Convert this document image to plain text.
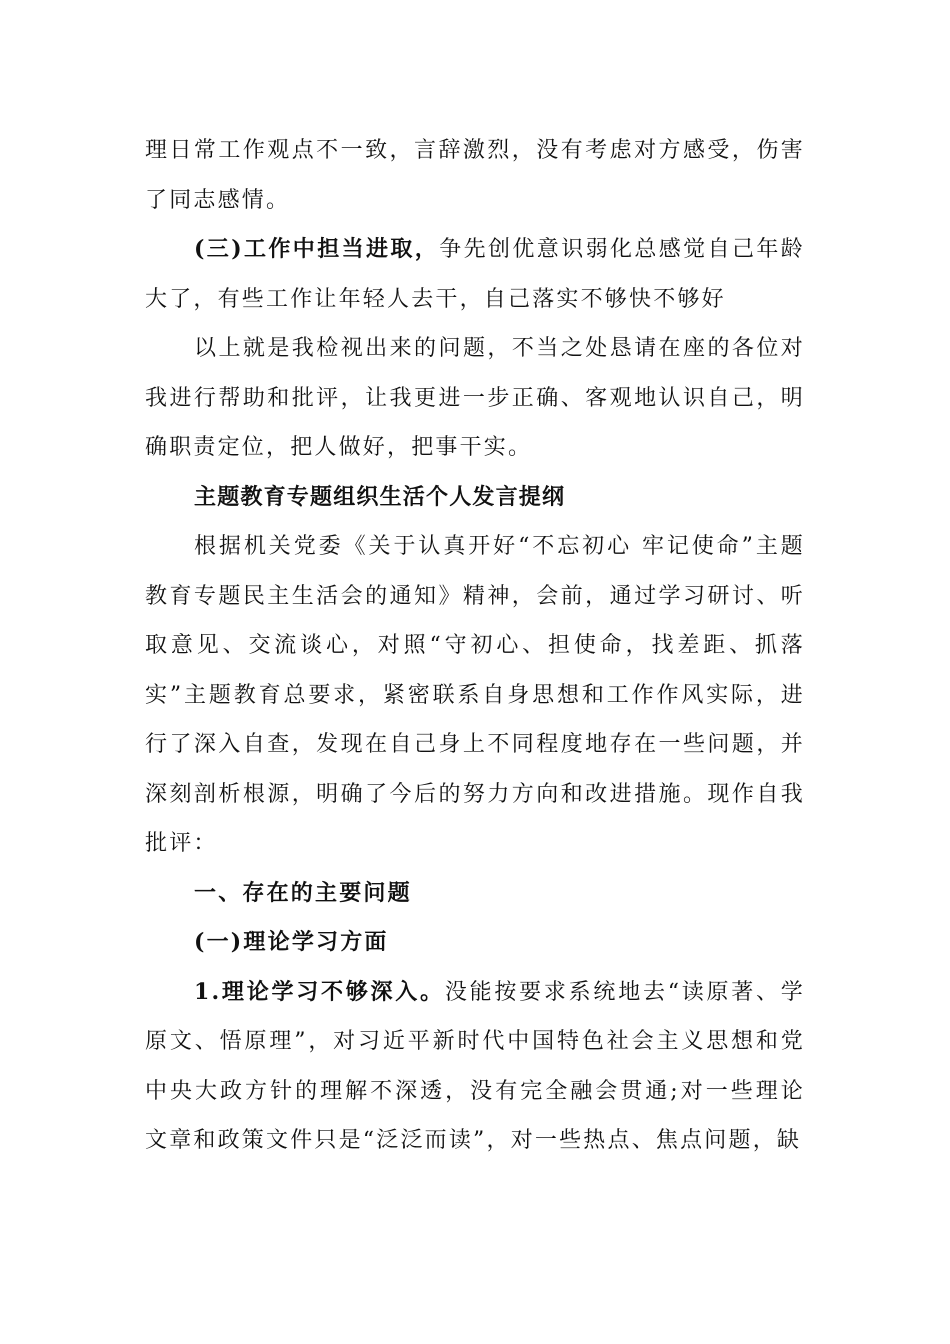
理日常工作观点不一致，言辞激烈，没有考虑对方感受，伤害了同志感情。

(三)工作中担当进取，争先创优意识弱化总感觉自己年龄大了，有些工作让年轻人去干，自己落实不够快不够好

以上就是我检视出来的问题，不当之处恳请在座的各位对我进行帮助和批评，让我更进一步正确、客观地认识自己，明确职责定位，把人做好，把事干实。

主题教育专题组织生活个人发言提纲

根据机关党委《关于认真开好“不忘初心 牢记使命”主题教育专题民主生活会的通知》精神，会前，通过学习研讨、听取意见、交流谈心，对照“守初心、担使命，找差距、抓落实”主题教育总要求，紧密联系自身思想和工作作风实际，进行了深入自查，发现在自己身上不同程度地存在一些问题，并深刻剖析根源，明确了今后的努力方向和改进措施。现作自我批评：

一、存在的主要问题

(一)理论学习方面

1.理论学习不够深入。没能按要求系统地去“读原著、学原文、悟原理”，对习近平新时代中国特色社会主义思想和党中央大政方针的理解不深透，没有完全融会贯通;对一些理论文章和政策文件只是“泛泛而读”，对一些热点、焦点问题，缺
